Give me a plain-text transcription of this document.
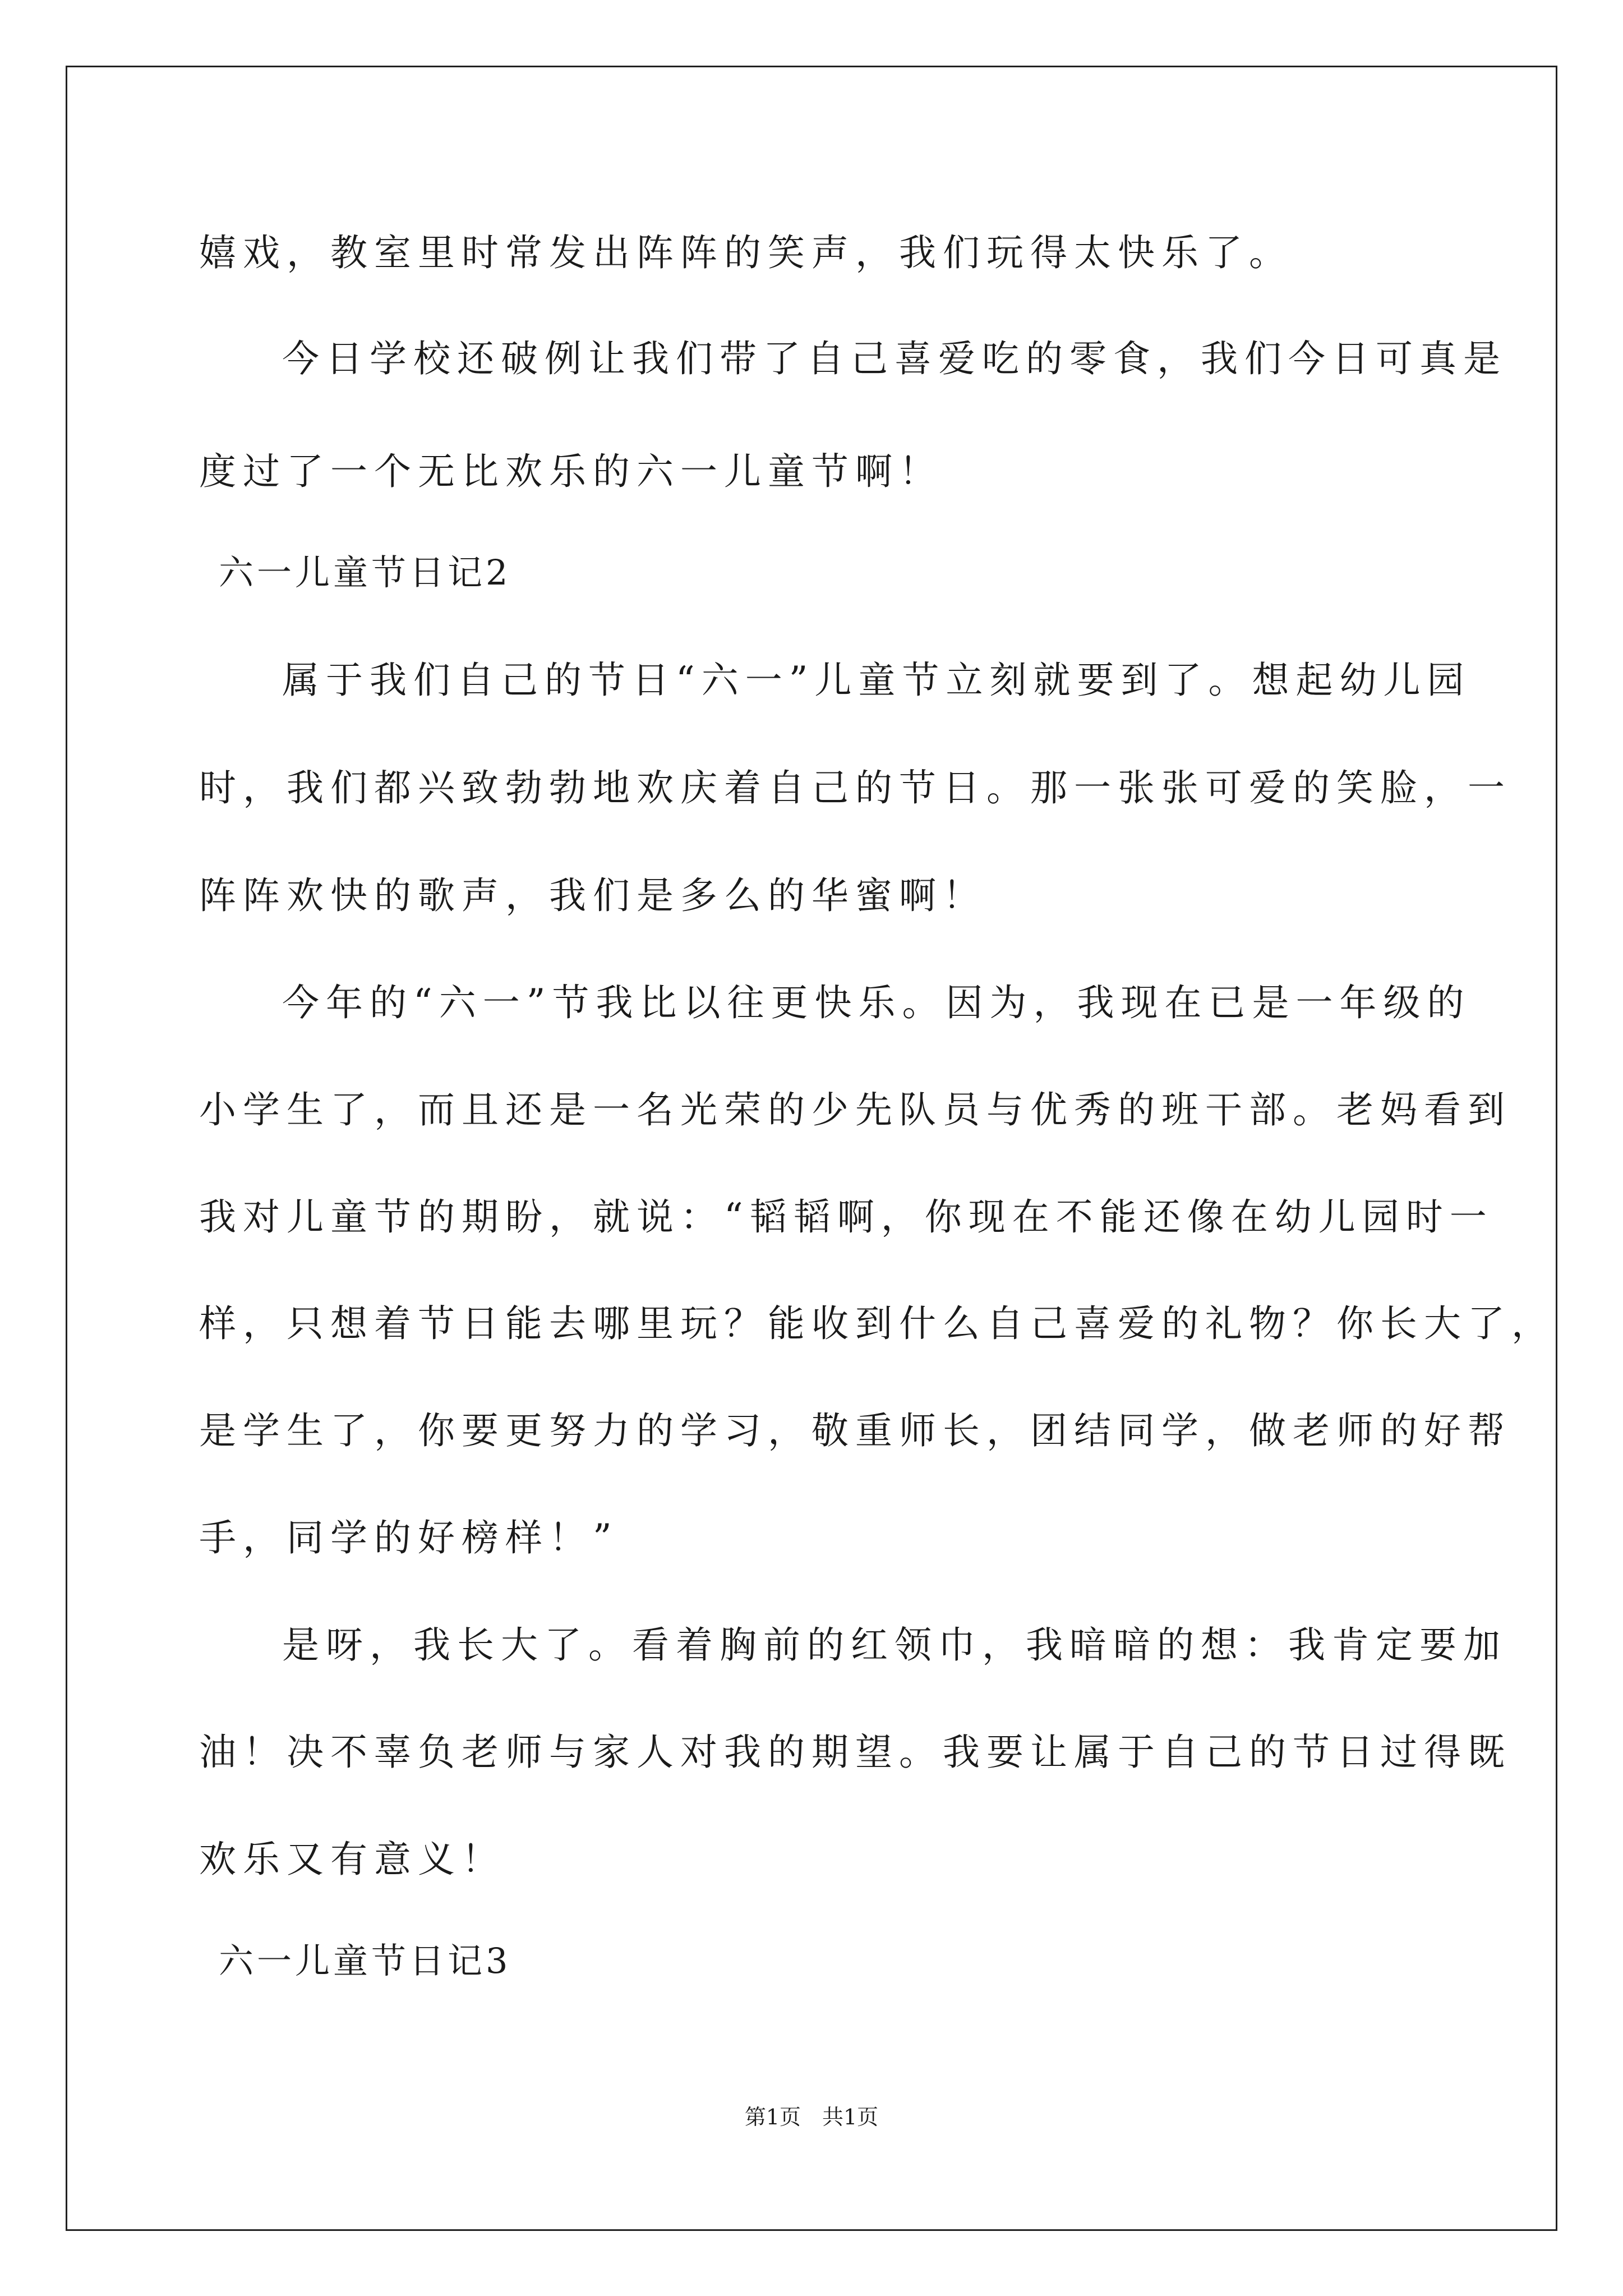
嬉戏，教室里时常发出阵阵的笑声，我们玩得太快乐了。
今日学校还破例让我们带了自己喜爱吃的零食，我们今日可真是
度过了一个无比欢乐的六一儿童节啊！
六一儿童节日记2
属于我们自己的节日“六一”儿童节立刻就要到了。想起幼儿园
时，我们都兴致勃勃地欢庆着自己的节日。那一张张可爱的笑脸，一
阵阵欢快的歌声，我们是多么的华蜜啊！
今年的“六一”节我比以往更快乐。因为，我现在已是一年级的
小学生了，而且还是一名光荣的少先队员与优秀的班干部。老妈看到
我对儿童节的期盼，就说：“韬韬啊，你现在不能还像在幼儿园时一
样，只想着节日能去哪里玩？能收到什么自己喜爱的礼物？你长大了，
是学生了，你要更努力的学习，敬重师长，团结同学，做老师的好帮
手，同学的好榜样！”
是呀，我长大了。看着胸前的红领巾，我暗暗的想：我肯定要加
油！决不辜负老师与家人对我的期望。我要让属于自己的节日过得既
欢乐又有意义！
六一儿童节日记3
第1页　共1页
